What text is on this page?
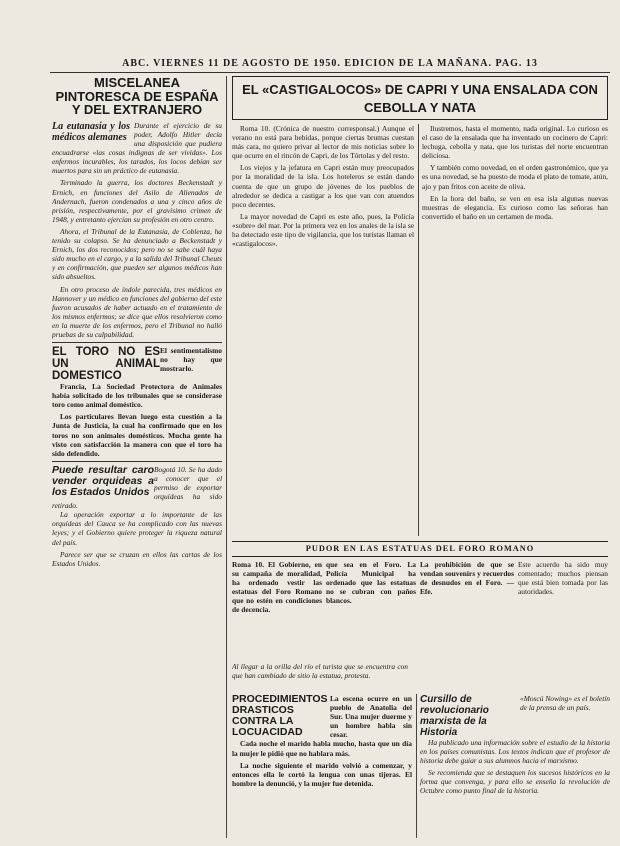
ABC. VIERNES 11 DE AGOSTO DE 1950. EDICION DE LA MAÑANA. PAG. 13
MISCELANEA PINTORESCA DE ESPAÑA Y DEL EXTRANJERO
La eutanasia y los médicos alemanes
Durante el ejercicio de su poder, Adolfo Hitler decía una disposición que pudiera encuadrarse «las cosas indignas de ser vividas». Los enfermos incurables, los tarados, los locos debían ser muertos para sin un práctico de eutanasia.

Terminado la guerra, los doctores Beckenstadt y Ernich, en funciones del Asilo de Alienados de Andernach, fueron condenados a una y cinco años de prisión, respectivamente, por el gravísimo crimen de 1948, y entretanto ejercían su profesión en otro centro.

Ahora, el Tribunal de la Eutanasia, de Coblenza, ha tenido su colapso. Se ha denunciado a Beckenstadt y Ernich, los dos reconocidos; pero no se sabe cuál haya sido mucho en el cargo, y a la salida del Tribunal Cheuts y en confirmación, que pueden ser algunos médicos han sido absueltos.

En otro proceso de índole parecida, tres médicos en Hannover y un médico en funciones del gobierno del este fueron acusados de haber actuado en el tratamiento de los mismos enfermos; se dice que ellos resolvieron como en la muerte de los enfermos, pero el Tribunal no halló pruebas de su culpabilidad.

EL TORO NO ES UN ANIMAL DOMESTICO
El sentimentalismo no hay que mostrarlo.

Francia, La Sociedad Protectora de Animales había solicitado de los tribunales que se considerase toro como animal doméstico.

Los particulares llevan luego esta cuestión a la Junta de Justicia, la cual ha confirmado que en los toros no son animales domésticos. Mucha gente ha visto con satisfacción la manera con que el toro ha sido defendido.

Puede resultar caro vender orquideas a los Estados Unidos
Bogotá 10. Se ha dado a conocer que el permiso de exportar orquídeas ha sido retirado.

La operación exportar a lo importante de las orquídeas del Cauca se ha complicado con las nuevas leyes; y el Gobierno quiere proteger la riqueza natural del país.

Parece ser que se cruzan en ellos las cartas de los Estados Unidos.

EL «CASTIGALOCOS» DE CAPRI Y UNA ENSALADA CON
CEBOLLA Y NATA

Roma 10. (Crónica de nuestro corresponsal.) Aunque el verano no está para bebidas, porque ciertas brumas cuestan más cara, no quiero privar al lector de mis noticias sobre lo que ocurre en el rincón de Capri, de los Tórtolas y del resto.

Los viejos y la jefatura en Capri están muy preocupados por la moralidad de la isla. Los hoteleros se están dando cuenta de que un grupo de jóvenes de los pueblos de alrededor se dedica a castigar a los que van con atuendos poco decentes.

La mayor novedad de Capri es este año, pues, la Policía «sobre» del mar. Por la primera vez en los anales de la isla se ha detectado este tipo de vigilancia, que los turistas llaman el «castigalocos».

Ilustremos, hasta el momento, nada original. Lo curioso es el caso de la ensalada que ha inventado un cocinero de Capri: lechuga, cebolla y nata, que los turistas del norte encuentran deliciosa.

Y también como novedad, en el orden gastronómico, que ya es una novedad, se ha puesto de moda el plato de tomate, atún, ajo y pan fritos con aceite de oliva.

En la hora del baño, se ven en esa isla algunas nuevas muestras de elegancia. Es curioso como las señoras han convertido el baño en un certamen de moda.

PUDOR EN LAS ESTATUAS DEL FORO ROMANO
Roma 10. El Gobierno, en su campaña de moralidad, ha ordenado vestir las estatuas del Foro Romano que no estén en condiciones de decencia.
que sea en el Foro. La Policía Municipal ha ordenado que las estatuas no se cubran con paños blancos.
La prohibición de que se vendan souvenirs y recuerdos de desnudos en el Foro. —Efe.
Este acuerdo ha sido muy comentado; muchos piensan que está bien tomada por las autoridades.
Al llegar a la orilla del río el turista que se encuentra con que han cambiado de sitio la estatua, protesta.
PROCEDIMIENTOS DRASTICOS CONTRA LA LOCUACIDAD
La escena ocurre en un pueblo de Anatolia del Sur. Una mujer duerme y un hombre habla sin cesar.

Cada noche el marido habla mucho, hasta que un día la mujer le pidió que no hablara más.

La noche siguiente el marido volvió a comenzar, y entonces ella le cortó la lengua con unas tijeras. El hombre la denunció, y la mujer fue detenida.

Cursillo de revolucionario marxista de la Historia
«Moscú Nowing» es el boletín de la prensa de un país.

Ha publicado una información sobre el estudio de la historia en los países comunistas. Los textos indican que el profesor de historia debe guiar a sus alumnos hacia el marxismo.

Se recomienda que se destaquen los sucesos históricos en la forma que convenga, y para ello se enseña la revolución de Octubre como punto final de la historia.
